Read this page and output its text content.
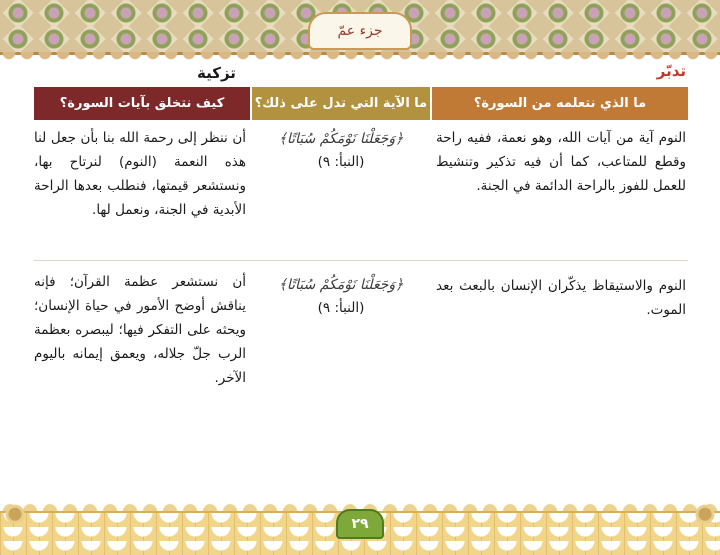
جزء عمّ
تدبّر
تزكية
ما الذي نتعلمه من السورة؟
ما الآية التي تدل على ذلك؟
كيف نتخلق بآيات السورة؟
النوم آية من آيات الله، وهو نعمة، ففيه راحة وقطع للمتاعب، كما أن فيه تذكير وتنشيط للعمل للفوز بالراحة الدائمة في الجنة.
﴿وَجَعَلْنَا نَوْمَكُمْ سُبَاتًا﴾
(النبأ: ٩)
أن ننظر إلى رحمة الله بنا بأن جعل لنا هذه النعمة (النوم) لنرتاح بها، ونستشعر قيمتها، فنطلب بعدها الراحة الأبدية في الجنة، ونعمل لها.
النوم والاستيقاظ يذكّران الإنسان بالبعث بعد الموت.
﴿وَجَعَلْنَا نَوْمَكُمْ سُبَاتًا﴾
(النبأ: ٩)
أن نستشعر عظمة القرآن؛ فإنه يناقش أوضح الأمور في حياة الإنسان؛ ويحثه على التفكر فيها؛ ليبصره بعظمة الرب جلّ جلاله، ويعمق إيمانه باليوم الآخر.
٢٩
